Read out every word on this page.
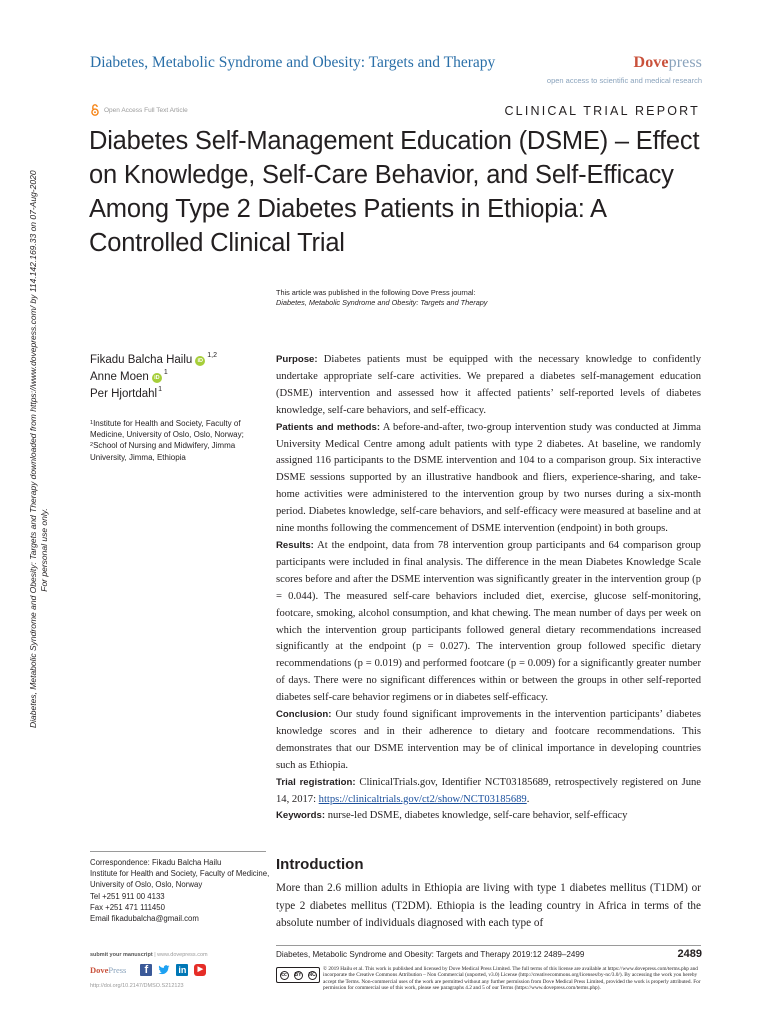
Diabetes, Metabolic Syndrome and Obesity: Targets and Therapy downloaded from https://www.dovepress.com/ by 114.142.169.33 on 07-Aug-2020 For personal use only.
Diabetes, Metabolic Syndrome and Obesity: Targets and Therapy	Dovepress
open access to scientific and medical research
Open Access Full Text Article	CLINICAL TRIAL REPORT
Diabetes Self-Management Education (DSME) – Effect on Knowledge, Self-Care Behavior, and Self-Efficacy Among Type 2 Diabetes Patients in Ethiopia: A Controlled Clinical Trial
This article was published in the following Dove Press journal:
Diabetes, Metabolic Syndrome and Obesity: Targets and Therapy
Fikadu Balcha Hailu iD
1,2
Anne Moen iD
1
Per Hjortdahl 1
$^1$Institute for Health and Society, Faculty of Medicine, University of Oslo, Oslo, Norway; $^2$School of Nursing and Midwifery, Jimma University, Jimma, Ethiopia

Purpose: Diabetes patients must be equipped with the necessary knowledge to confidently undertake appropriate self-care activities. We prepared a diabetes self-management education (DSME) intervention and assessed how it affected patients’ self-reported levels of diabetes knowledge, self-care behaviors, and self-efficacy.

Patients and methods: A before-and-after, two-group intervention study was conducted at Jimma University Medical Centre among adult patients with type 2 diabetes. At baseline, we randomly assigned 116 participants to the DSME intervention and 104 to a comparison group. Six interactive DSME sessions supported by an illustrative handbook and fliers, experience-sharing, and take-home activities were administered to the intervention group by two nurses during a six-month period. Diabetes knowledge, self-care behaviors, and self-efficacy were measured at baseline and at nine months following the commencement of DSME intervention (endpoint) in both groups.

Results: At the endpoint, data from 78 intervention group participants and 64 comparison group participants were included in final analysis. The difference in the mean Diabetes Knowledge Scale scores before and after the DSME intervention was significantly greater in the intervention group (p = 0.044). The measured self-care behaviors included diet, exercise, glucose self-monitoring, footcare, smoking, alcohol consumption, and khat chewing. The mean number of days per week on which the intervention group participants followed general dietary recommendations increased significantly at the endpoint (p = 0.027). The intervention group followed specific dietary recommendations (p = 0.019) and performed footcare (p = 0.009) for a significantly greater number of days. There were no significant differences within or between the groups in other self-reported diabetes self-care behavior regimens or in diabetes self-efficacy.

Conclusion: Our study found significant improvements in the intervention participants’ diabetes knowledge scores and in their adherence to dietary and footcare recommendations. This demonstrates that our DSME intervention may be of clinical importance in developing countries such as Ethiopia.

Trial registration: ClinicalTrials.gov, Identifier NCT03185689, retrospectively registered on June 14, 2017: https://clinicaltrials.gov/ct2/show/NCT03185689.

Keywords: nurse-led DSME, diabetes knowledge, self-care behavior, self-efficacy

Correspondence: Fikadu Balcha Hailu
Institute for Health and Society, Faculty of Medicine, University of Oslo, Oslo, Norway
Tel +251 911 00 4133
Fax +251 471 111450
Email fikadubalcha@gmail.com
Introduction
More than 2.6 million adults in Ethiopia are living with type 1 diabetes mellitus (T1DM) or type 2 diabetes mellitus (T2DM). Ethiopia is the leading country in Africa in terms of the absolute number of individuals diagnosed with each type of
submit your manuscript | www.dovepress.com
DovePress	f	in	▶
http://doi.org/10.2147/DMSO.S212123
Diabetes, Metabolic Syndrome and Obesity: Targets and Therapy 2019:12 2489–2499	2489
cc	BY NC
© 2019 Hailu et al. This work is published and licensed by Dove Medical Press Limited. The full terms of this license are available at https://www.dovepress.com/terms.php and incorporate the Creative Commons Attribution – Non Commercial (unported, v3.0) License (http://creativecommons.org/licenses/by-nc/3.0/). By accessing the work you hereby accept the Terms. Non-commercial uses of the work are permitted without any further permission from Dove Medical Press Limited, provided the work is properly attributed. For permission for commercial use of this work, please see paragraphs 4.2 and 5 of our Terms (https://www.dovepress.com/terms.php).
